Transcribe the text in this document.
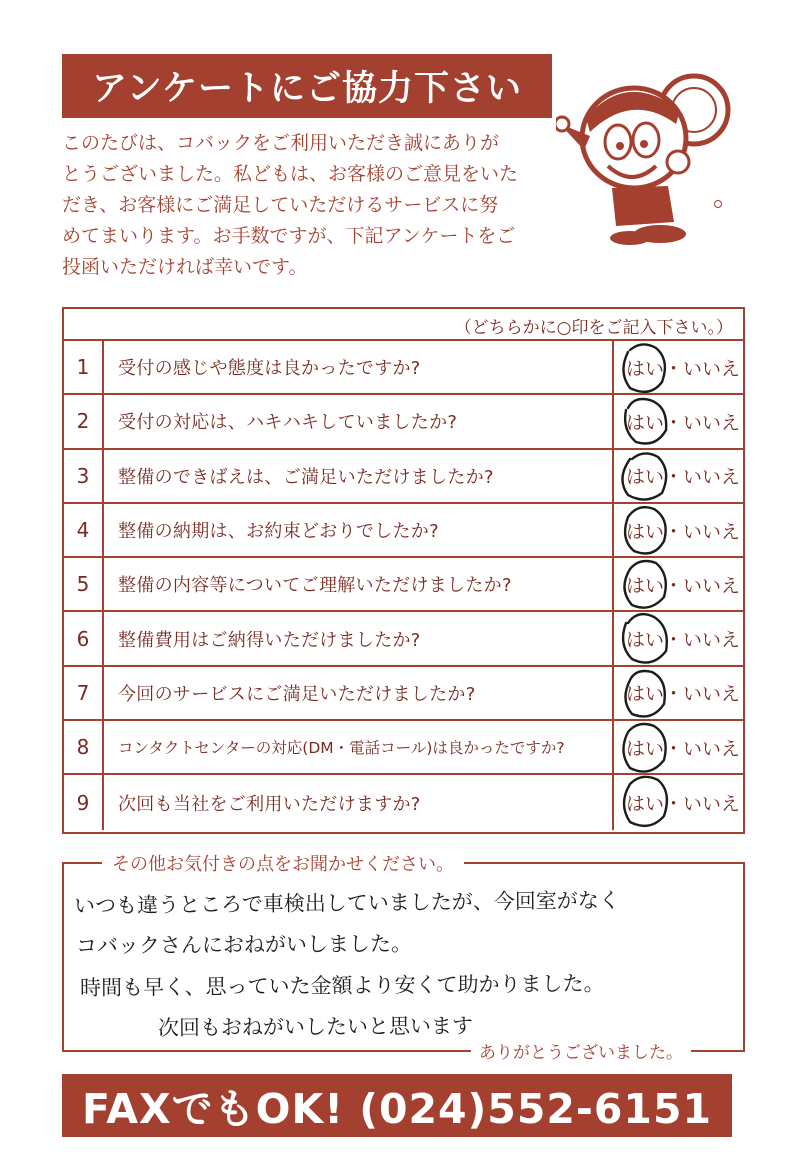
アンケートにご協力下さい
このたびは、コバックをご利用いただき誠にありが
とうございました。私どもは、お客様のご意見をいた
だき、お客様にご満足していただけるサービスに努
めてまいります。お手数ですが、下記アンケートをご
投函いただければ幸いです。
（どちらかに○印をご記入下さい。）
1	受付の感じや態度は良かったですか?	はい ・ いいえ
2	受付の対応は、ハキハキしていましたか?	はい ・ いいえ
3	整備のできばえは、ご満足いただけましたか?	はい ・ いいえ
4	整備の納期は、お約束どおりでしたか?	はい ・ いいえ
5	整備の内容等についてご理解いただけましたか?	はい ・ いいえ
6	整備費用はご納得いただけましたか?	はい ・ いいえ
7	今回のサービスにご満足いただけましたか?	はい ・ いいえ
8	コンタクトセンターの対応(DM・電話コール)は良かったですか?	はい ・ いいえ
9	次回も当社をご利用いただけますか?	はい ・ いいえ
その他お気付きの点をお聞かせください。
ありがとうございました。
いつも違うところで車検出していましたが、今回室がなく
コバックさんにおねがいしました。
時間も早く、思っていた金額より安くて助かりました。
次回もおねがいしたいと思います
FAXでもOK! (024)552-6151
